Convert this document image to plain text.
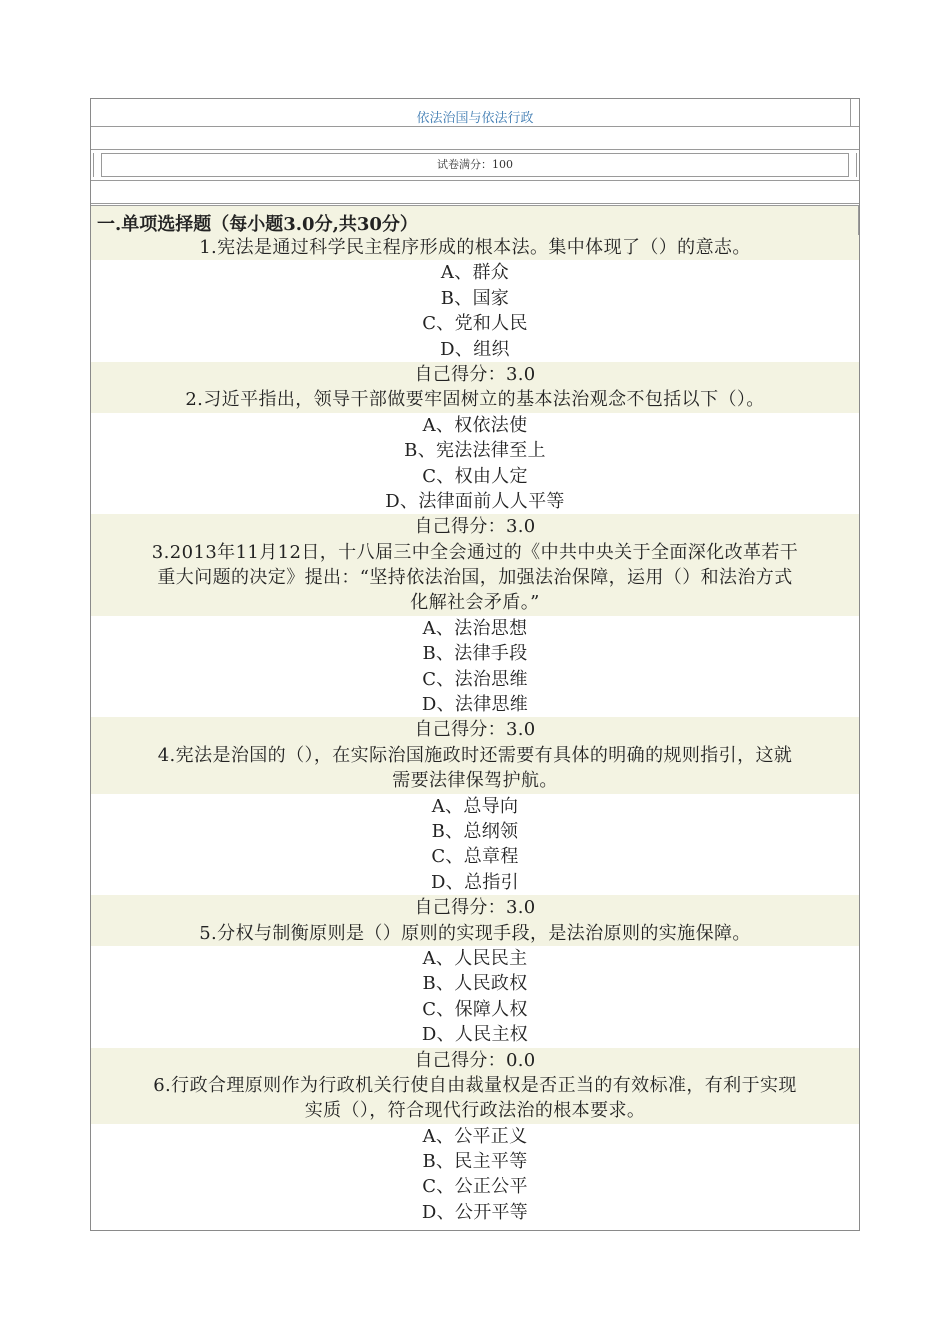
依法治国与依法行政
试卷满分：100
一.单项选择题（每小题3.0分,共30分）
1.宪法是通过科学民主程序形成的根本法。集中体现了（）的意志。
A、群众
B、国家
C、党和人民
D、组织
自己得分：3.0
2.习近平指出，领导干部做要牢固树立的基本法治观念不包括以下（）。
A、权依法使
B、宪法法律至上
C、权由人定
D、法律面前人人平等
自己得分：3.0
3.2013年11月12日，十八届三中全会通过的《中共中央关于全面深化改革若干
重大问题的决定》提出：“坚持依法治国，加强法治保障，运用（）和法治方式
化解社会矛盾。”
A、法治思想
B、法律手段
C、法治思维
D、法律思维
自己得分：3.0
4.宪法是治国的（），在实际治国施政时还需要有具体的明确的规则指引，这就
需要法律保驾护航。
A、总导向
B、总纲领
C、总章程
D、总指引
自己得分：3.0
5.分权与制衡原则是（）原则的实现手段，是法治原则的实施保障。
A、人民民主
B、人民政权
C、保障人权
D、人民主权
自己得分：0.0
6.行政合理原则作为行政机关行使自由裁量权是否正当的有效标准，有利于实现
实质（），符合现代行政法治的根本要求。
A、公平正义
B、民主平等
C、公正公平
D、公开平等
